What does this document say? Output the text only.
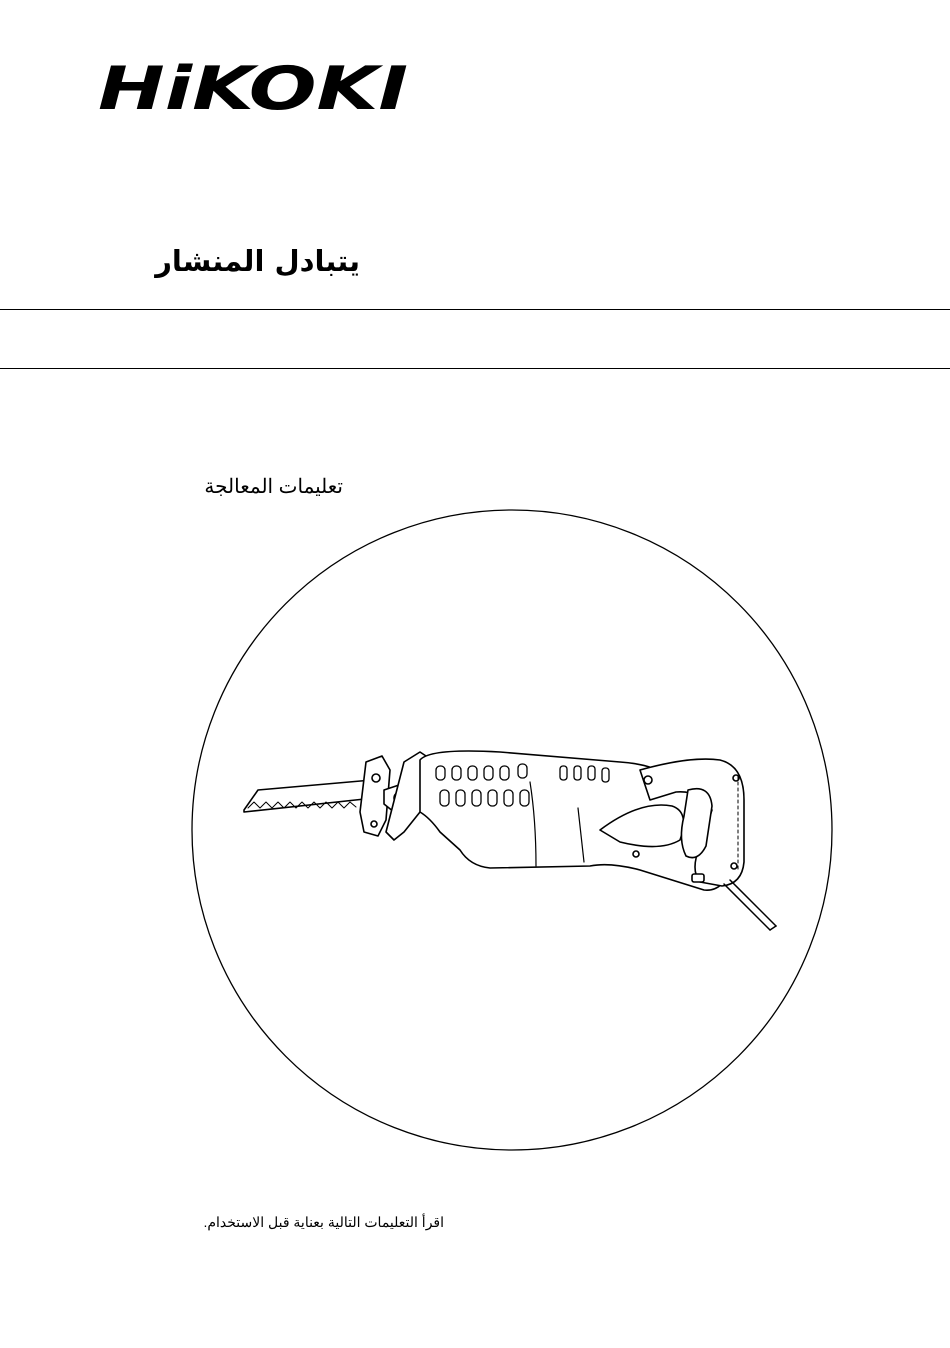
HiKOKI
يتبادل المنشار
تعليمات المعالجة
اقرأ التعليمات التالية بعناية قبل الاستخدام.
